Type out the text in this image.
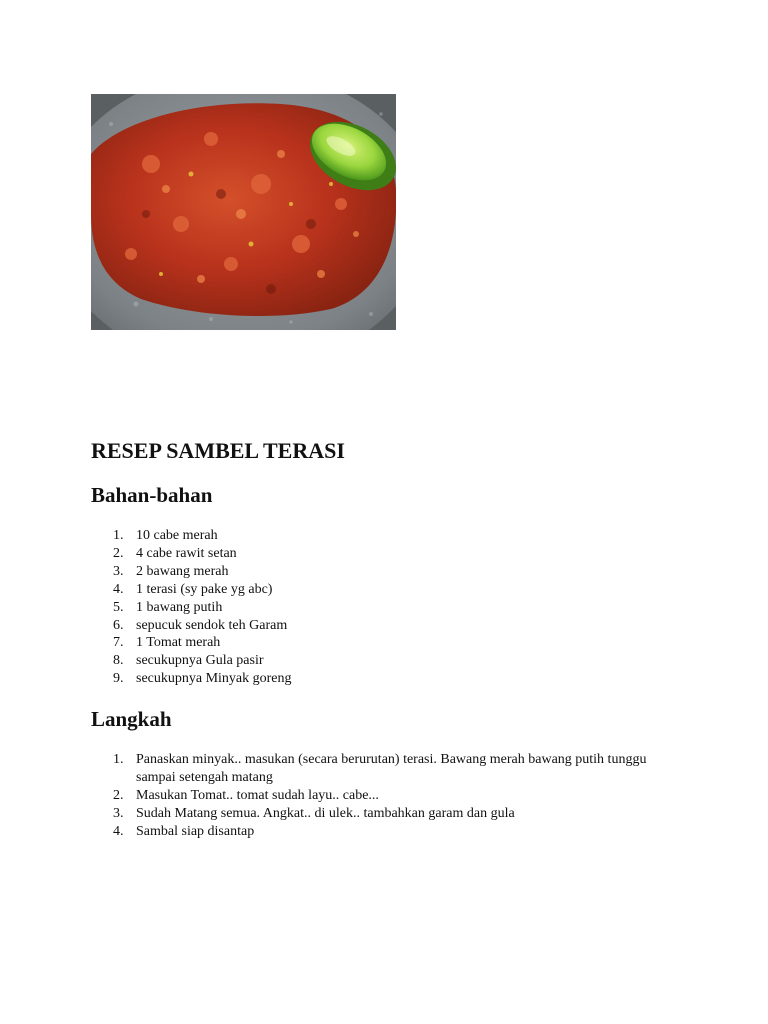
RESEP SAMBEL TERASI
Bahan-bahan
1. 10 cabe merah
2. 4 cabe rawit setan
3. 2 bawang merah
4. 1 terasi (sy pake yg abc)
5. 1 bawang putih
6. sepucuk sendok teh Garam
7. 1 Tomat merah
8. secukupnya Gula pasir
9. secukupnya Minyak goreng
Langkah
1. Panaskan minyak.. masukan (secara berurutan) terasi. Bawang merah bawang putih tunggu sampai setengah matang
2. Masukan Tomat.. tomat sudah layu.. cabe...
3. Sudah Matang semua. Angkat.. di ulek.. tambahkan garam dan gula
4. Sambal siap disantap
